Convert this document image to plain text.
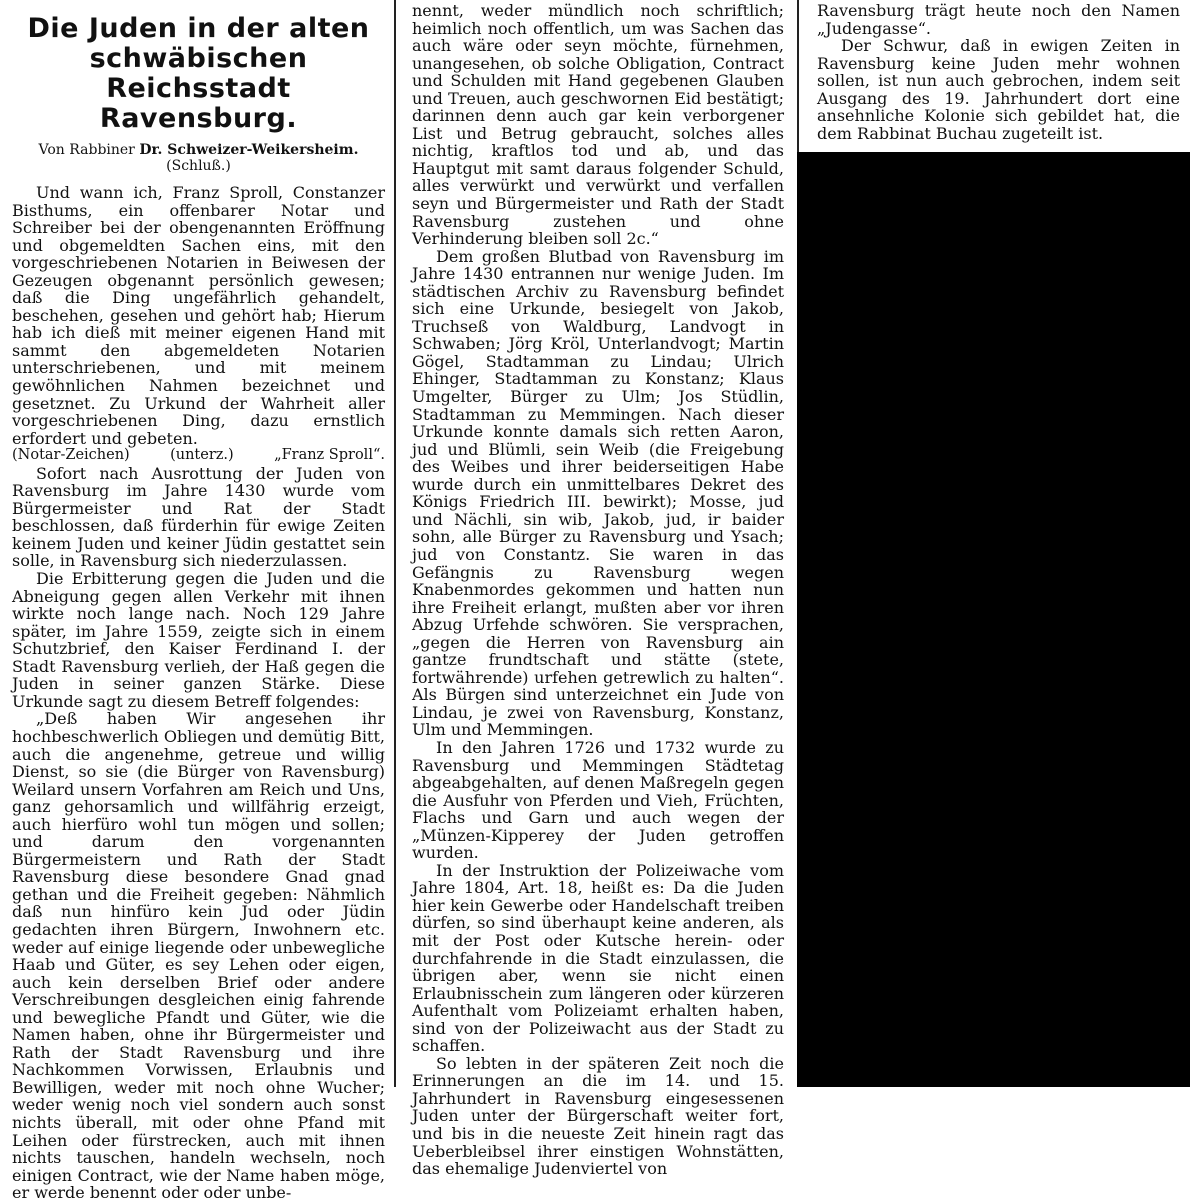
Die Juden in der alten schwäbischen Reichsstadt Ravensburg.
Von Rabbiner Dr. Schweizer-Weikersheim.
(Schluß.)

Und wann ich, Franz Sproll, Constanzer Bisthums, ein offenbarer Notar und Schreiber bei der obengenannten Eröffnung und obgemeldten Sachen eins, mit den vorgeschriebenen Notarien in Beiwesen der Gezeugen obgenannt persönlich gewesen; daß die Ding ungefährlich gehandelt, beschehen, gesehen und gehört hab; Hierum hab ich dieß mit meiner eigenen Hand mit sammt den abgemeldeten Notarien unterschriebenen, und mit meinem gewöhnlichen Nahmen bezeichnet und gesetznet. Zu Urkund der Wahrheit aller vorgeschriebenen Ding, dazu ernstlich erfordert und gebeten.

(Notar-Zeichen)	(unterz.)	„Franz Sproll“.

Sofort nach Ausrottung der Juden von Ravensburg im Jahre 1430 wurde vom Bürgermeister und Rat der Stadt beschlossen, daß fürderhin für ewige Zeiten keinem Juden und keiner Jüdin gestattet sein solle, in Ravensburg sich niederzulassen.

Die Erbitterung gegen die Juden und die Abneigung gegen allen Verkehr mit ihnen wirkte noch lange nach. Noch 129 Jahre später, im Jahre 1559, zeigte sich in einem Schutzbrief, den Kaiser Ferdinand I. der Stadt Ravensburg verlieh, der Haß gegen die Juden in seiner ganzen Stärke. Diese Urkunde sagt zu diesem Betreff folgendes:

„Deß haben Wir angesehen ihr hochbeschwerlich Obliegen und demütig Bitt, auch die angenehme, getreue und willig Dienst, so sie (die Bürger von Ravensburg) Weilard unsern Vorfahren am Reich und Uns, ganz gehorsamlich und willfährig erzeigt, auch hierfüro wohl tun mögen und sollen; und darum den vorgenannten Bürgermeistern und Rath der Stadt Ravensburg diese besondere Gnad gnad gethan und die Freiheit gegeben: Nähmlich daß nun hinfüro kein Jud oder Jüdin gedachten ihren Bürgern, Inwohnern etc. weder auf einige liegende oder unbewegliche Haab und Güter, es sey Lehen oder eigen, auch kein derselben Brief oder andere Verschreibungen desgleichen einig fahrende und bewegliche Pfandt und Güter, wie die Namen haben, ohne ihr Bürgermeister und Rath der Stadt Ravensburg und ihre Nachkommen Vorwissen, Erlaubnis und Bewilligen, weder mit noch ohne Wucher; weder wenig noch viel sondern auch sonst nichts überall, mit oder ohne Pfand mit Leihen oder fürstrecken, auch mit ihnen nichts tauschen, handeln wechseln, noch einigen Contract, wie der Name haben möge, er werde benennt oder oder unbe-

nennt, weder mündlich noch schriftlich; heimlich noch offentlich, um was Sachen das auch wäre oder seyn möchte, fürnehmen, unangesehen, ob solche Obligation, Contract und Schulden mit Hand gegebenen Glauben und Treuen, auch geschwornen Eid bestätigt; darinnen denn auch gar kein verborgener List und Betrug gebraucht, solches alles nichtig, kraftlos tod und ab, und das Hauptgut mit samt daraus folgender Schuld, alles verwürkt und verwürkt und verfallen seyn und Bürgermeister und Rath der Stadt Ravensburg zustehen und ohne Verhinderung bleiben soll 2c.“

Dem großen Blutbad von Ravensburg im Jahre 1430 entrannen nur wenige Juden. Im städtischen Archiv zu Ravensburg befindet sich eine Urkunde, besiegelt von Jakob, Truchseß von Waldburg, Landvogt in Schwaben; Jörg Kröl, Unterlandvogt; Martin Gögel, Stadtamman zu Lindau; Ulrich Ehinger, Stadtamman zu Konstanz; Klaus Umgelter, Bürger zu Ulm; Jos Stüdlin, Stadtamman zu Memmingen. Nach dieser Urkunde konnte damals sich retten Aaron, jud und Blümli, sein Weib (die Freigebung des Weibes und ihrer beiderseitigen Habe wurde durch ein unmittelbares Dekret des Königs Friedrich III. bewirkt); Mosse, jud und Nächli, sin wib, Jakob, jud, ir baider sohn, alle Bürger zu Ravensburg und Ysach; jud von Constantz. Sie waren in das Gefängnis zu Ravensburg wegen Knabenmordes gekommen und hatten nun ihre Freiheit erlangt, mußten aber vor ihren Abzug Urfehde schwören. Sie versprachen, „gegen die Herren von Ravensburg ain gantze frundtschaft und stätte (stete, fortwährende) urfehen getrewlich zu halten“. Als Bürgen sind unterzeichnet ein Jude von Lindau, je zwei von Ravensburg, Konstanz, Ulm und Memmingen.

In den Jahren 1726 und 1732 wurde zu Ravensburg und Memmingen Städtetag abgeabgehalten, auf denen Maßregeln gegen die Ausfuhr von Pferden und Vieh, Früchten, Flachs und Garn und auch wegen der „Münzen-Kipperey der Juden getroffen wurden.

In der Instruktion der Polizeiwache vom Jahre 1804, Art. 18, heißt es: Da die Juden hier kein Gewerbe oder Handelschaft treiben dürfen, so sind überhaupt keine anderen, als mit der Post oder Kutsche herein- oder durchfahrende in die Stadt einzulassen, die übrigen aber, wenn sie nicht einen Erlaubnisschein zum längeren oder kürzeren Aufenthalt vom Polizeiamt erhalten haben, sind von der Polizeiwacht aus der Stadt zu schaffen.

So lebten in der späteren Zeit noch die Erinnerungen an die im 14. und 15. Jahrhundert in Ravensburg eingesessenen Juden unter der Bürgerschaft weiter fort, und bis in die neueste Zeit hinein ragt das Ueberbleibsel ihrer einstigen Wohnstätten, das ehemalige Judenviertel von

Ravensburg trägt heute noch den Namen „Judengasse“.

Der Schwur, daß in ewigen Zeiten in Ravensburg keine Juden mehr wohnen sollen, ist nun auch gebrochen, indem seit Ausgang des 19. Jahrhundert dort eine ansehnliche Kolonie sich gebildet hat, die dem Rabbinat Buchau zugeteilt ist.
